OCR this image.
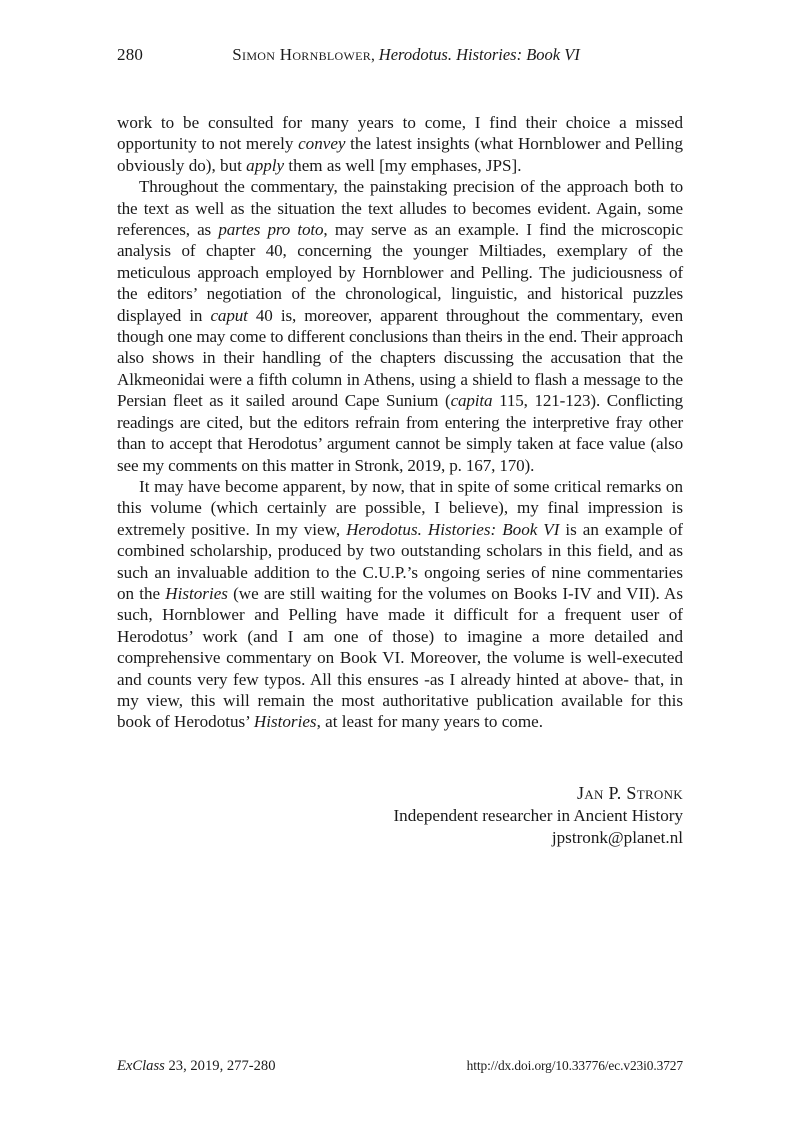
280	Simon Hornblower, Herodotus. Histories: Book VI

work to be consulted for many years to come, I find their choice a missed opportunity to not merely convey the latest insights (what Hornblower and Pelling obviously do), but apply them as well [my emphases, JPS].

Throughout the commentary, the painstaking precision of the approach both to the text as well as the situation the text alludes to becomes evident. Again, some references, as partes pro toto, may serve as an example. I find the microscopic analysis of chapter 40, concerning the younger Miltiades, exemplary of the meticulous approach employed by Hornblower and Pelling. The judiciousness of the editors’ negotiation of the chronological, linguistic, and historical puzzles displayed in caput 40 is, moreover, apparent throughout the commentary, even though one may come to different conclusions than theirs in the end. Their approach also shows in their handling of the chapters discussing the accusation that the Alkmeonidai were a fifth column in Athens, using a shield to flash a message to the Persian fleet as it sailed around Cape Sunium (capita 115, 121-123). Conflicting readings are cited, but the editors refrain from entering the interpretive fray other than to accept that Herodotus’ argument cannot be simply taken at face value (also see my comments on this matter in Stronk, 2019, p. 167, 170).

It may have become apparent, by now, that in spite of some critical remarks on this volume (which certainly are possible, I believe), my final impression is extremely positive. In my view, Herodotus. Histories: Book VI is an example of combined scholarship, produced by two outstanding scholars in this field, and as such an invaluable addition to the C.U.P.’s ongoing series of nine commentaries on the Histories (we are still waiting for the volumes on Books I-IV and VII). As such, Hornblower and Pelling have made it difficult for a frequent user of Herodotus’ work (and I am one of those) to imagine a more detailed and comprehensive commentary on Book VI. Moreover, the volume is well-executed and counts very few typos. All this ensures -as I already hinted at above- that, in my view, this will remain the most authoritative publication available for this book of Herodotus’ Histories, at least for many years to come.

Jan P. Stronk
Independent researcher in Ancient History
jpstronk@planet.nl
ExClass 23, 2019, 277-280	http://dx.doi.org/10.33776/ec.v23i0.3727
